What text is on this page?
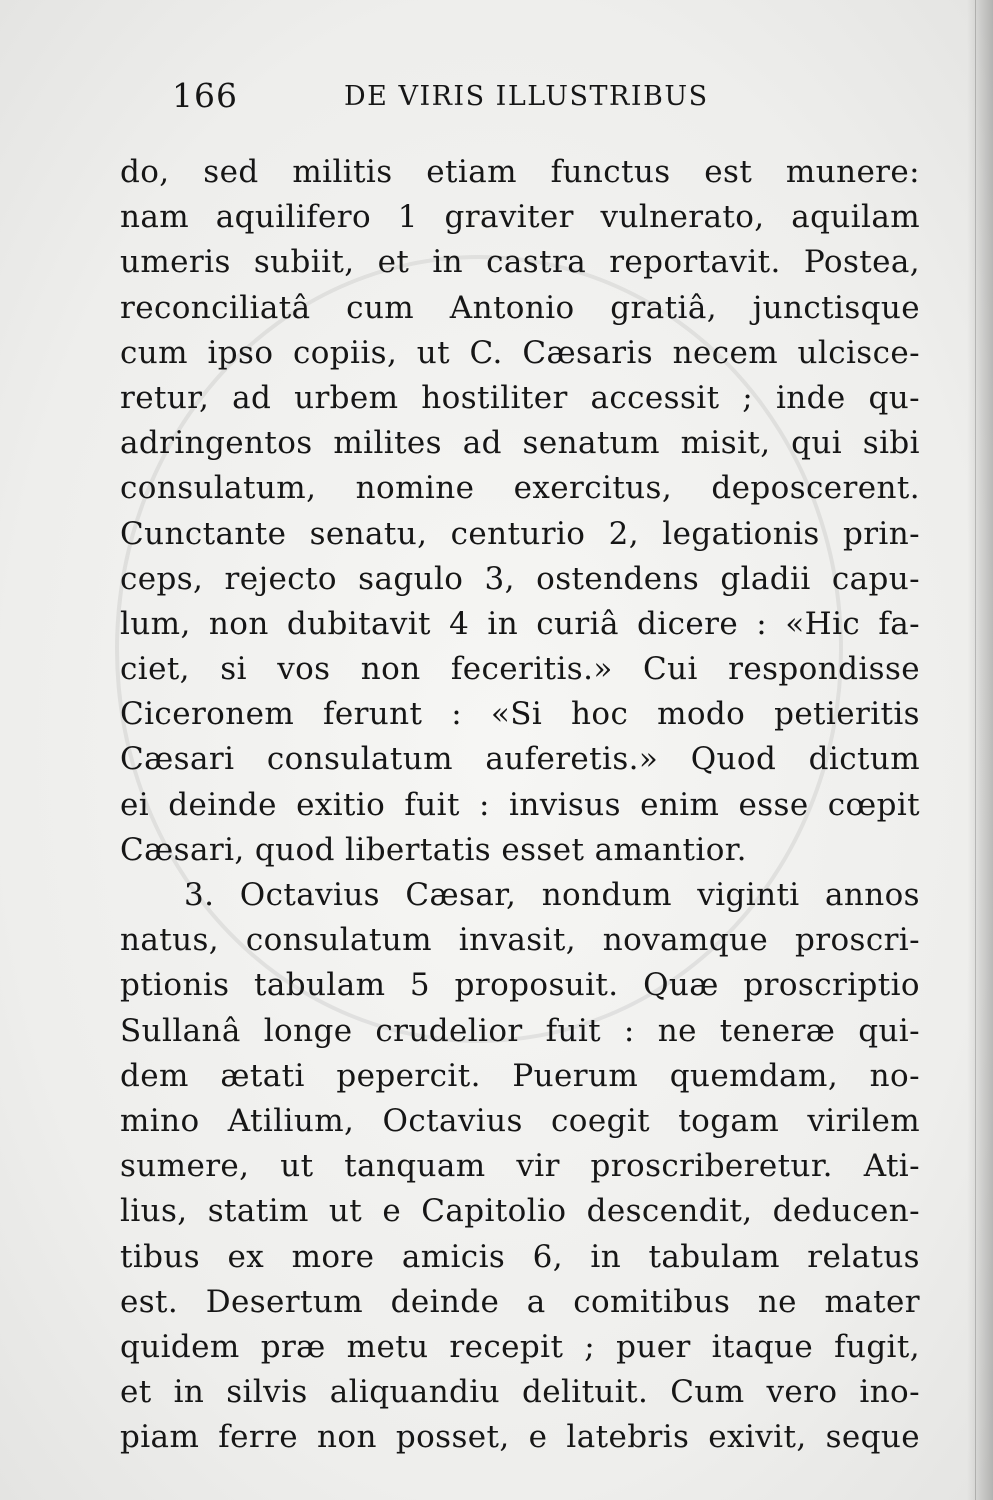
166	DE VIRIS ILLUSTRIBUS
do, sed militis etiam functus est munere:
nam aquilifero 1 graviter vulnerato, aquilam
umeris subiit, et in castra reportavit. Postea,
reconciliatâ cum Antonio gratiâ, junctisque
cum ipso copiis, ut C. Cæsaris necem ulcisce-
retur, ad urbem hostiliter accessit ; inde qu-
adringentos milites ad senatum misit, qui sibi
consulatum, nomine exercitus, deposcerent.
Cunctante senatu, centurio 2, legationis prin-
ceps, rejecto sagulo 3, ostendens gladii capu-
lum, non dubitavit 4 in curiâ dicere : «Hic fa-
ciet, si vos non feceritis.» Cui respondisse
Ciceronem ferunt : «Si hoc modo petieritis
Cæsari consulatum auferetis.» Quod dictum
ei deinde exitio fuit : invisus enim esse cœpit
Cæsari, quod libertatis esset amantior.
3. Octavius Cæsar, nondum viginti annos
natus, consulatum invasit, novamque proscri-
ptionis tabulam 5 proposuit. Quæ proscriptio
Sullanâ longe crudelior fuit : ne teneræ qui-
dem ætati pepercit. Puerum quemdam, no-
mino Atilium, Octavius coegit togam virilem
sumere, ut tanquam vir proscriberetur. Ati-
lius, statim ut e Capitolio descendit, deducen-
tibus ex more amicis 6, in tabulam relatus
est. Desertum deinde a comitibus ne mater
quidem præ metu recepit ; puer itaque fugit,
et in silvis aliquandiu delituit. Cum vero ino-
piam ferre non posset, e latebris exivit, seque
